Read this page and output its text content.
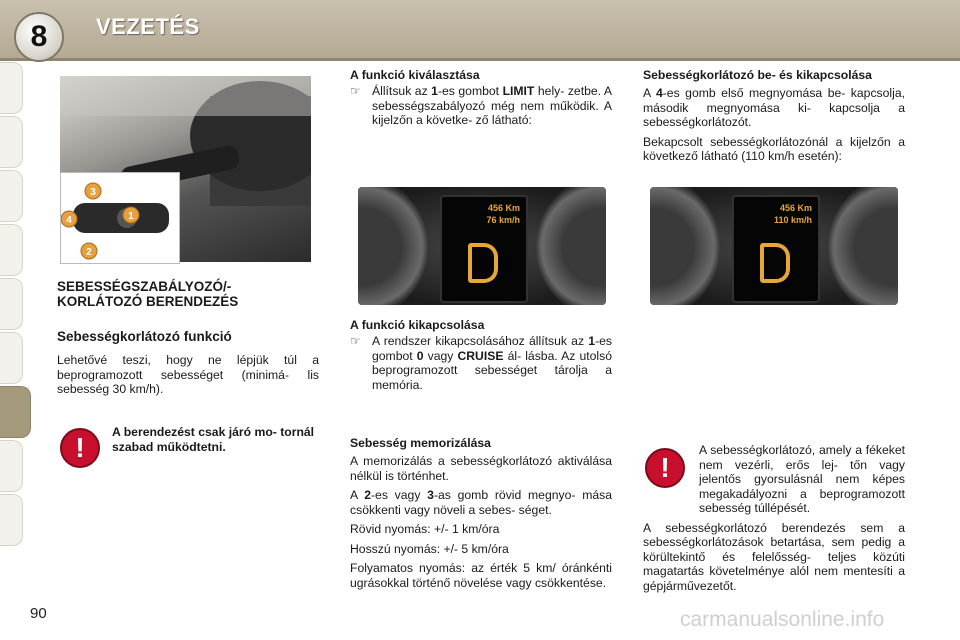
8	VEZETÉS
3
1
2
4
SEBESSÉGSZABÁLYOZÓ/- KORLÁTOZÓ BERENDEZÉS
Sebességkorlátozó funkció

Lehetővé teszi, hogy ne lépjük túl a beprogramozott sebességet (minimá- lis sebesség 30 km/h).

!	A berendezést csak járó mo- tornál szabad működtetni.
A funkció kiválasztása
☞ Állítsuk az 1-es gombot LIMIT hely- zetbe. A sebességszabályozó még nem működik. A kijelzőn a követke- ző látható:
456 Km
76 km/h
A funkció kikapcsolása
☞ A rendszer kikapcsolásához állítsuk az 1-es gombot 0 vagy CRUISE ál- lásba. Az utolsó beprogramozott sebességet tárolja a memória.
Sebesség memorizálása

A memorizálás a sebességkorlátozó aktiválása nélkül is történhet.

A 2-es vagy 3-as gomb rövid megnyo- mása csökkenti vagy növeli a sebes- séget.

Rövid nyomás: +/- 1 km/óra

Hosszú nyomás: +/- 5 km/óra

Folyamatos nyomás: az érték 5 km/ óránkénti ugrásokkal történő növelése vagy csökkentése.

Sebességkorlátozó be- és kikapcsolása

A 4-es gomb első megnyomása be- kapcsolja, második megnyomása ki- kapcsolja a sebességkorlátozót.

Bekapcsolt sebességkorlátozónál a kijelzőn a következő látható (110 km/h esetén):

456 Km
110 km/h
!

A sebességkorlátozó, amely a fékeket nem vezérli, erős lej- tőn vagy jelentős gyorsulásnál nem képes megakadályozni a beprogramozott sebesség túllépését.

A sebességkorlátozó berendezés sem a sebességkorlátozások betartása, sem pedig a körültekintő és felelősség- teljes közúti magatartás követelménye alól nem mentesíti a gépjárművezetőt.

90	carmanualsonline.info
